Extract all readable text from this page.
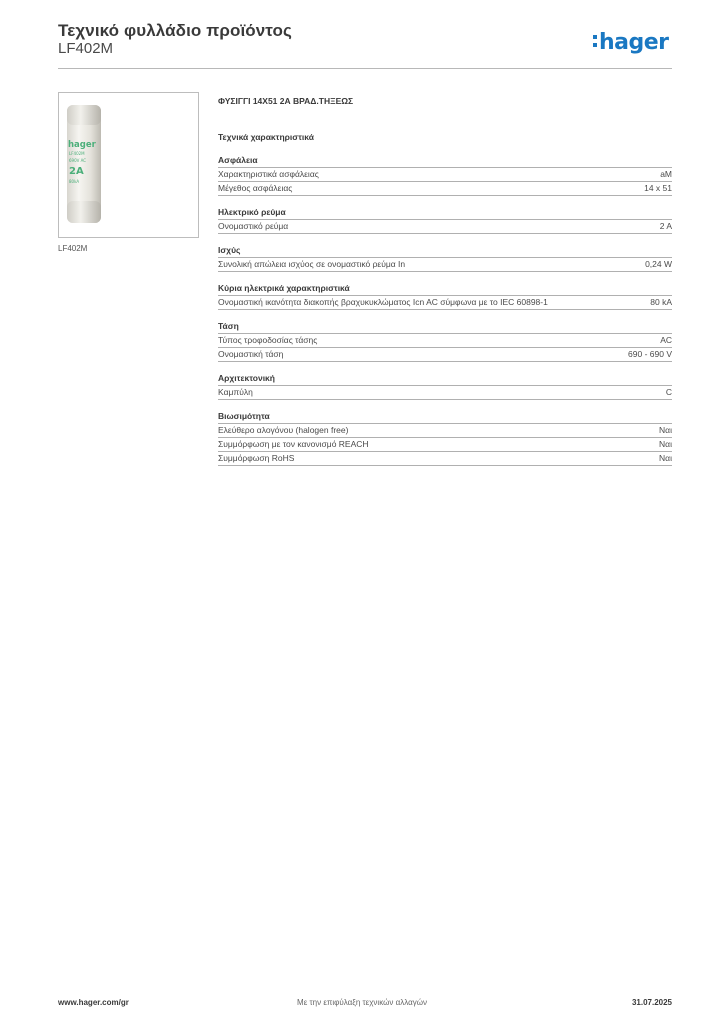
Τεχνικό φυλλάδιο προϊόντος
LF402M	hager
hager
LF402M
690V AC
2A
80kA
LF402M
ΦΥΣΙΓΓΙ 14Χ51 2Α ΒΡΑΔ.ΤΗΞΕΩΣ
Τεχνικά χαρακτηριστικά
Ασφάλεια
Χαρακτηριστικά ασφάλειας	aM
Μέγεθος ασφάλειας	14 x 51
Ηλεκτρικό ρεύμα
Ονομαστικό ρεύμα	2 A
Ισχύς
Συνολική απώλεια ισχύος σε ονομαστικό ρεύμα In	0,24 W
Κύρια ηλεκτρικά χαρακτηριστικά
Ονομαστική ικανότητα διακοπής βραχυκυκλώματος Icn AC σύμφωνα με το IEC 60898-1	80 kA
Τάση
Τύπος τροφοδοσίας τάσης	AC
Ονομαστική τάση	690 - 690 V
Αρχιτεκτονική
Καμπύλη	C
Βιωσιμότητα
Ελεύθερο αλογόνου (halogen free)	Ναι
Συμμόρφωση με τον κανονισμό REACH	Ναι
Συμμόρφωση RoHS	Ναι
www.hager.com/gr	Με την επιφύλαξη τεχνικών αλλαγών	31.07.2025
